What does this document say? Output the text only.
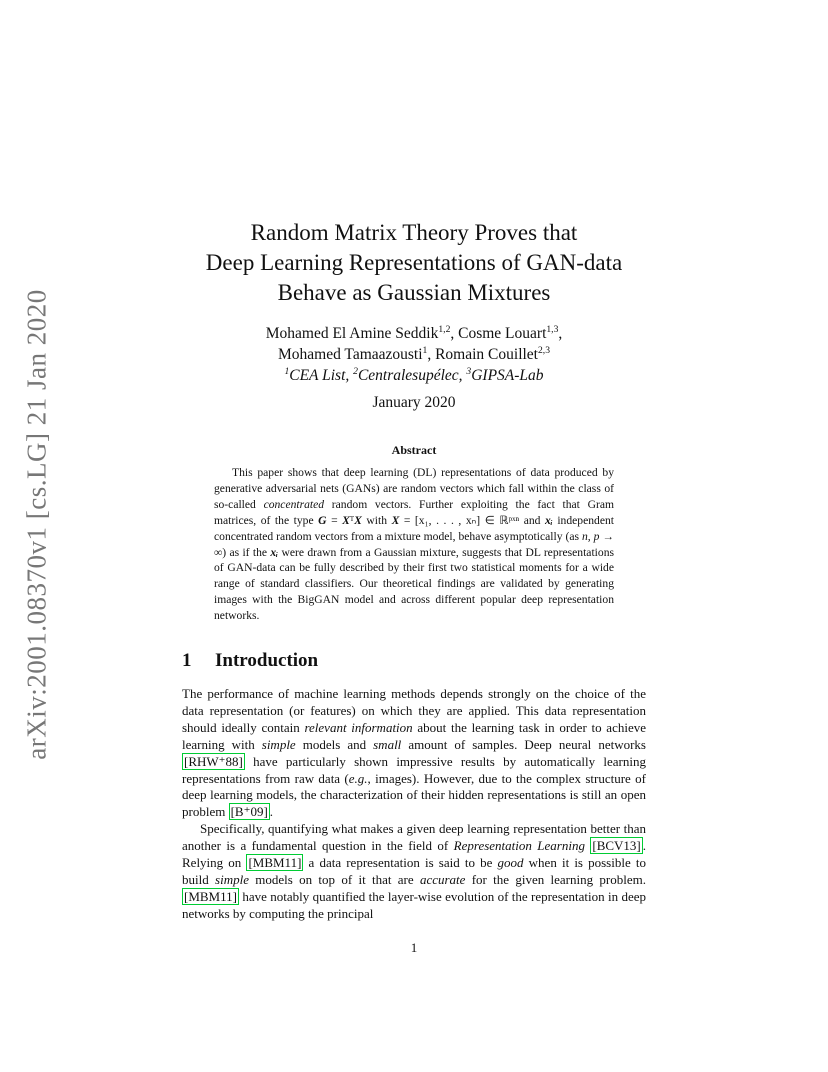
arXiv:2001.08370v1 [cs.LG] 21 Jan 2020
Random Matrix Theory Proves that
Deep Learning Representations of GAN-data
Behave as Gaussian Mixtures
Mohamed El Amine Seddik$^{1,2}$, Cosme Louart$^{1,3}$,
Mohamed Tamaazousti$^1$, Romain Couillet$^{2,3}$
$^1$CEA List, $^2$Centralesupélec, $^3$GIPSA-Lab
January 2020
Abstract

This paper shows that deep learning (DL) representations of data produced by generative adversarial nets (GANs) are random vectors which fall within the class of so-called concentrated random vectors. Further exploiting the fact that Gram matrices, of the type G = XᵀX with X = [x₁, . . . , xₙ] ∈ ℝᵖˣⁿ and xᵢ independent concentrated random vectors from a mixture model, behave asymptotically (as n, p → ∞) as if the xᵢ were drawn from a Gaussian mixture, suggests that DL representations of GAN-data can be fully described by their first two statistical moments for a wide range of standard classifiers. Our theoretical findings are validated by generating images with the BigGAN model and across different popular deep representation networks.

1 Introduction

The performance of machine learning methods depends strongly on the choice of the data representation (or features) on which they are applied. This data representation should ideally contain relevant information about the learning task in order to achieve learning with simple models and small amount of samples. Deep neural networks [RHW⁺88] have particularly shown impressive results by automatically learning representations from raw data (e.g., images). However, due to the complex structure of deep learning models, the characterization of their hidden representations is still an open problem [B⁺09] .

Specifically, quantifying what makes a given deep learning representation better than another is a fundamental question in the field of Representation Learning [BCV13] . Relying on [MBM11] a data representation is said to be good when it is possible to build simple models on top of it that are accurate for the given learning problem. [MBM11] have notably quantified the layer-wise evolution of the representation in deep networks by computing the principal

1
